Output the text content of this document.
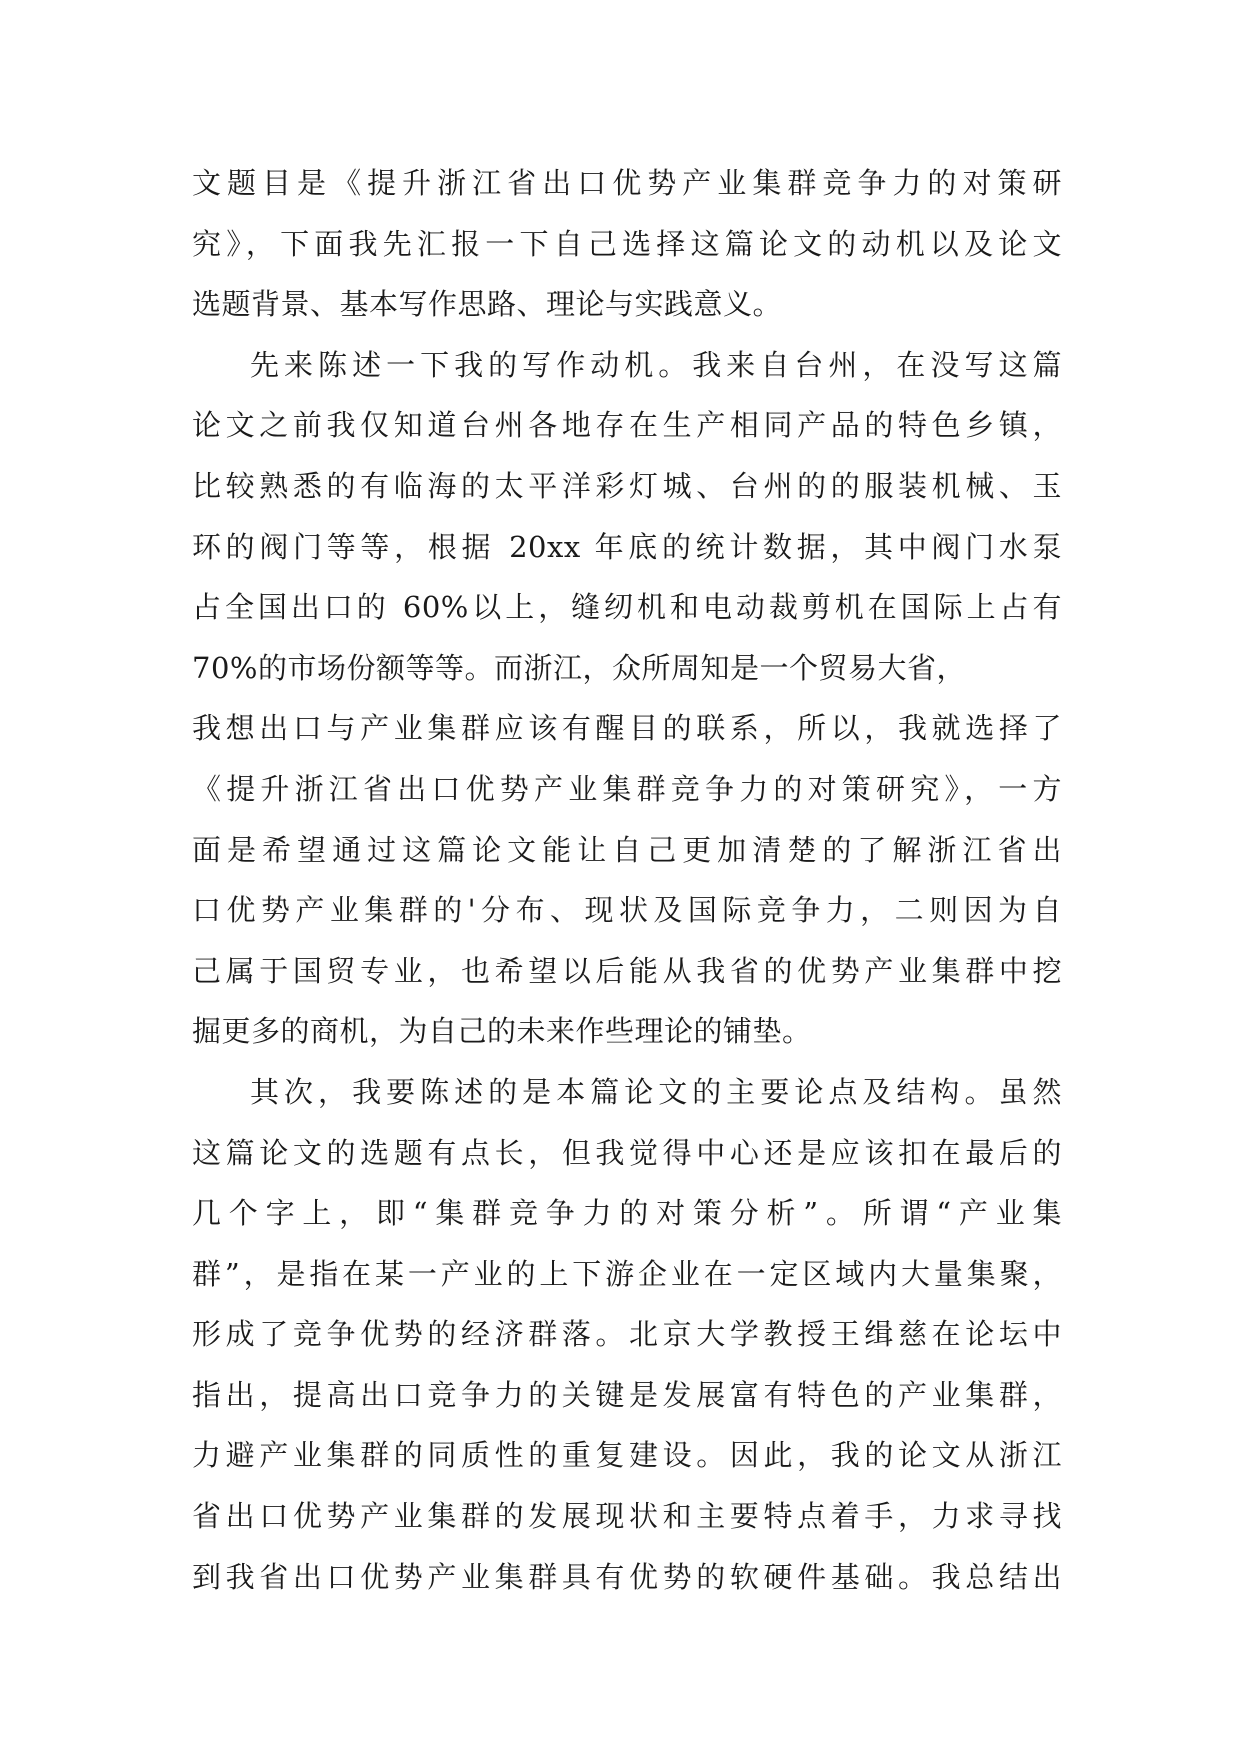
文题目是《提升浙江省出口优势产业集群竞争力的对策研
究》，下面我先汇报一下自己选择这篇论文的动机以及论文
选题背景、基本写作思路、理论与实践意义。
先来陈述一下我的写作动机。我来自台州，在没写这篇
论文之前我仅知道台州各地存在生产相同产品的特色乡镇，
比较熟悉的有临海的太平洋彩灯城、台州的的服装机械、玉
环的阀门等等，根据 20xx 年底的统计数据，其中阀门水泵
占全国出口的 60%以上，缝纫机和电动裁剪机在国际上占有
70%的市场份额等等。而浙江，众所周知是一个贸易大省，
我想出口与产业集群应该有醒目的联系，所以，我就选择了
《提升浙江省出口优势产业集群竞争力的对策研究》，一方
面是希望通过这篇论文能让自己更加清楚的了解浙江省出
口优势产业集群的'分布、现状及国际竞争力，二则因为自
己属于国贸专业，也希望以后能从我省的优势产业集群中挖
掘更多的商机，为自己的未来作些理论的铺垫。
其次，我要陈述的是本篇论文的主要论点及结构。虽然
这篇论文的选题有点长，但我觉得中心还是应该扣在最后的
几个字上，即“集群竞争力的对策分析”。所谓“产业集
群”，是指在某一产业的上下游企业在一定区域内大量集聚，
形成了竞争优势的经济群落。北京大学教授王缉慈在论坛中
指出，提高出口竞争力的关键是发展富有特色的产业集群，
力避产业集群的同质性的重复建设。因此，我的论文从浙江
省出口优势产业集群的发展现状和主要特点着手，力求寻找
到我省出口优势产业集群具有优势的软硬件基础。我总结出
